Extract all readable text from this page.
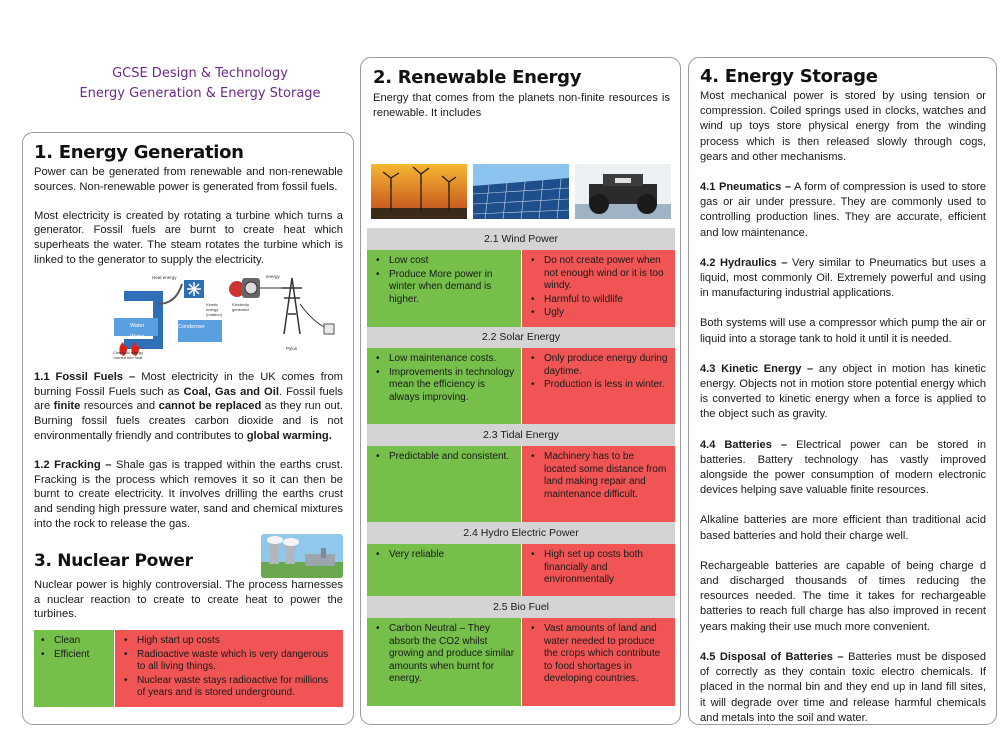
GCSE Design & Technology
Energy Generation & Energy Storage
1. Energy Generation

Power can be generated from renewable and non-renewable sources. Non-renewable power is generated from fossil fuels.

Most electricity is created by rotating a turbine which turns a generator. Fossil fuels are burnt to create heat which superheats the water. The steam rotates the turbine which is linked to the generator to supply the electricity.

Water
Water
Condenser
Heat energy
Kinetic energy (rotation)
Electricity generator
energy
Pylon
Chemical energy burned into heat

1.1 Fossil Fuels – Most electricity in the UK comes from burning Fossil Fuels such as Coal, Gas and Oil. Fossil fuels are finite resources and cannot be replaced as they run out. Burning fossil fuels creates carbon dioxide and is not environmentally friendly and contributes to global warming.

1.2 Fracking – Shale gas is trapped within the earths crust. Fracking is the process which removes it so it can then be burnt to create electricity. It involves drilling the earths crust and sending high pressure water, sand and chemical mixtures into the rock to release the gas.

3. Nuclear Power

Nuclear power is highly controversial. The process harnesses a nuclear reaction to create to create heat to power the turbines.

• Clean
• Efficient
• High start up costs
• Radioactive waste which is very dangerous to all living things.
• Nuclear waste stays radioactive for millions of years and is stored underground.
2. Renewable Energy

Energy that comes from the planets non-finite resources is renewable. It includes

2.1 Wind Power
• Low cost
• Produce More power in winter when demand is higher.
• Do not create power when not enough wind or it is too windy.
• Harmful to wildlife
• Ugly
2.2 Solar Energy
• Low maintenance costs.
• Improvements in technology mean the efficiency is always improving.
• Only produce energy during daytime.
• Production is less in winter.
2.3 Tidal Energy
• Predictable and consistent.	• Machinery has to be located some distance from land making repair and maintenance difficult.
2.4 Hydro Electric Power
• Very reliable	• High set up costs both financially and environmentally
2.5 Bio Fuel
• Carbon Neutral – They absorb the CO2 whilst growing and produce similar amounts when burnt for energy.
• Vast amounts of land and water needed to produce the crops which contribute to food shortages in developing countries.
4. Energy Storage

Most mechanical power is stored by using tension or compression. Coiled springs used in clocks, watches and wind up toys store physical energy from the winding process which is then released slowly through cogs, gears and other mechanisms.

4.1 Pneumatics – A form of compression is used to store gas or air under pressure. They are commonly used to controlling production lines. They are accurate, efficient and low maintenance.

4.2 Hydraulics – Very similar to Pneumatics but uses a liquid, most commonly Oil. Extremely powerful and using in manufacturing industrial applications.

Both systems will use a compressor which pump the air or liquid into a storage tank to hold it until it is needed.

4.3 Kinetic Energy – any object in motion has kinetic energy. Objects not in motion store potential energy which is converted to kinetic energy when a force is applied to the object such as gravity.

4.4 Batteries – Electrical power can be stored in batteries. Battery technology has vastly improved alongside the power consumption of modern electronic devices helping save valuable finite resources.

Alkaline batteries are more efficient than traditional acid based batteries and hold their charge well.

Rechargeable batteries are capable of being charge d and discharged thousands of times reducing the resources needed. The time it takes for rechargeable batteries to reach full charge has also improved in recent years making their use much more convenient.

4.5 Disposal of Batteries – Batteries must be disposed of correctly as they contain toxic electro chemicals. If placed in the normal bin and they end up in land fill sites, it will degrade over time and release harmful chemicals and metals into the soil and water.
